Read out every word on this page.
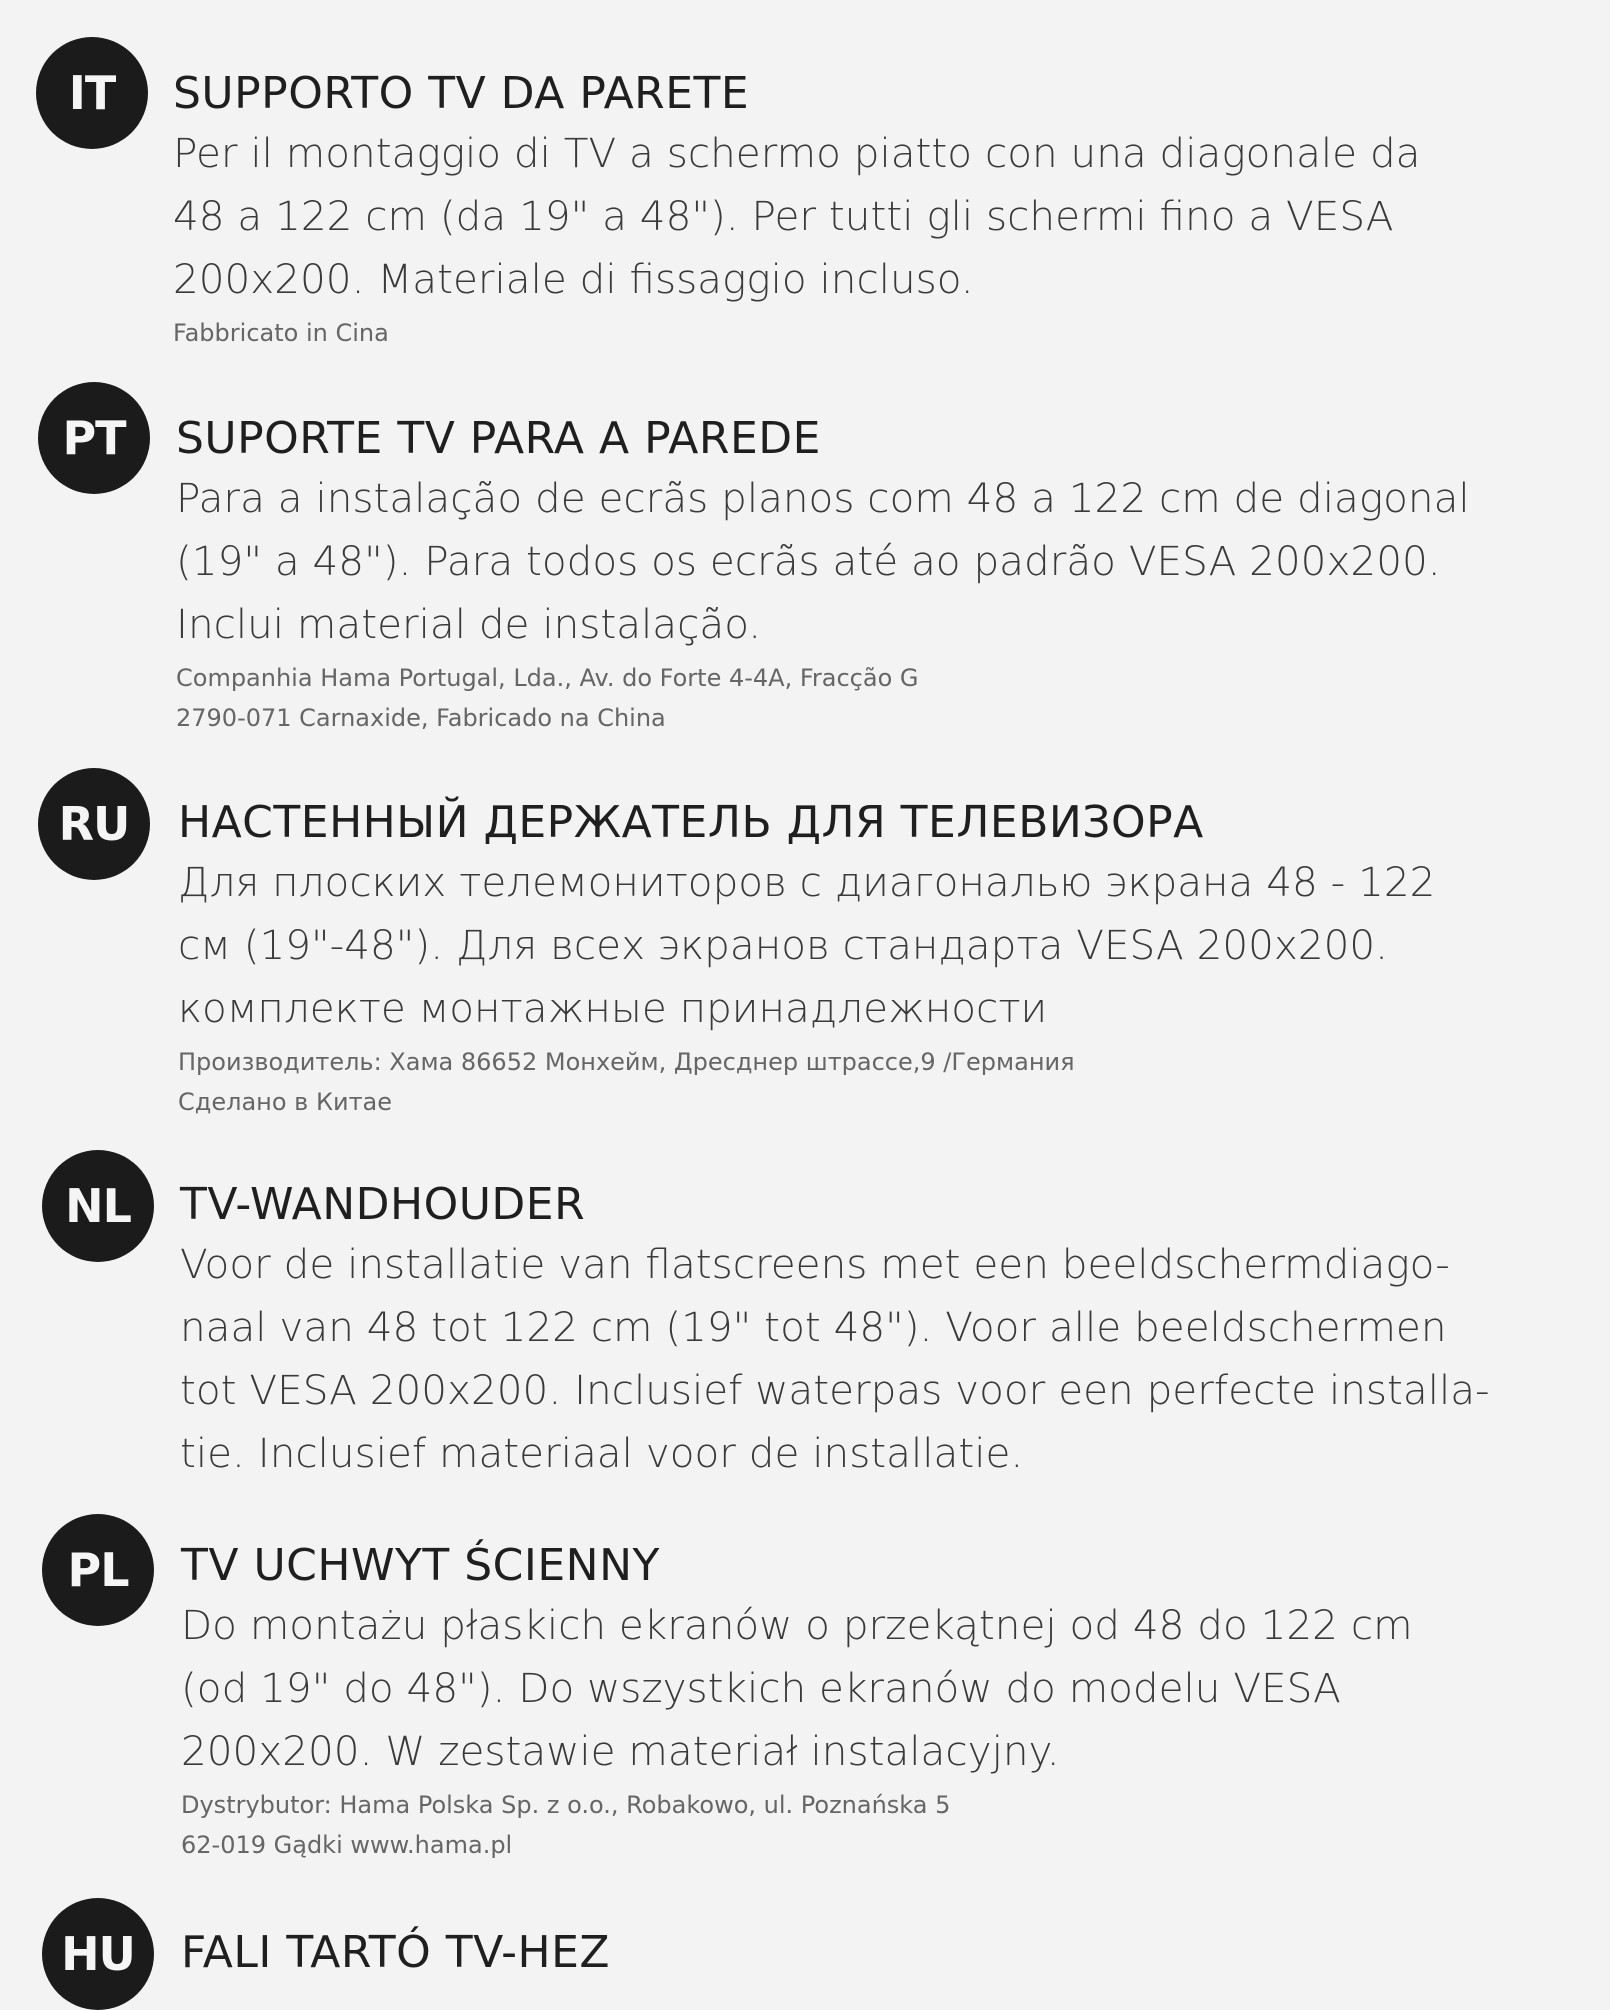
IT	SUPPORTO TV DA PARETE
Per il montaggio di TV a schermo piatto con una diagonale da
48 a 122 cm (da 19" a 48"). Per tutti gli schermi fino a VESA
200x200. Materiale di fissaggio incluso.
Fabbricato in Cina
PT	SUPORTE TV PARA A PAREDE
Para a instalação de ecrãs planos com 48 a 122 cm de diagonal
(19" a 48"). Para todos os ecrãs até ao padrão VESA 200x200.
Inclui material de instalação.
Companhia Hama Portugal, Lda., Av. do Forte 4-4A, Fracção G
2790-071 Carnaxide, Fabricado na China
RU	НАСТЕННЫЙ ДЕРЖАТЕЛЬ ДЛЯ ТЕЛЕВИЗОРА
Для плоских телемониторов с диагональю экрана 48 - 122
см (19"-48"). Для всех экранов стандарта VESA 200x200.
комплекте монтажные принадлежности
Производитель: Хама 86652 Монхейм, Дресднер штрассе,9 /Германия
Сделано в Китае
NL	TV-WANDHOUDER
Voor de installatie van flatscreens met een beeldschermdiago-
naal van 48 tot 122 cm (19" tot 48"). Voor alle beeldschermen
tot VESA 200x200. Inclusief waterpas voor een perfecte installa-
tie. Inclusief materiaal voor de installatie.
PL	TV UCHWYT ŚCIENNY
Do montażu płaskich ekranów o przekątnej od 48 do 122 cm
(od 19" do 48"). Do wszystkich ekranów do modelu VESA
200x200. W zestawie materiał instalacyjny.
Dystrybutor: Hama Polska Sp. z o.o., Robakowo, ul. Poznańska 5
62-019 Gądki www.hama.pl
HU	FALI TARTÓ TV-HEZ
